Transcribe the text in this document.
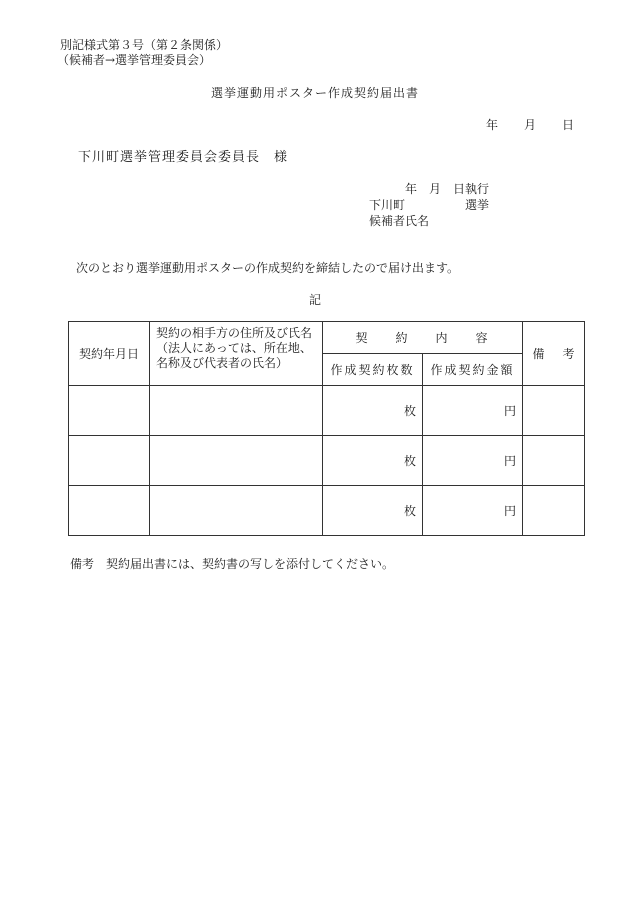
別記様式第３号（第２条関係）
（候補者→選挙管理委員会）
選挙運動用ポスター作成契約届出書
年 月 日
下川町選挙管理委員会委員長　様
年　月　日執行
下川町	選挙
候補者氏名
次のとおり選挙運動用ポスターの作成契約を締結したので届け出ます。
記
契約年月日	契約の相手方の住所及び氏名
（法人にあっては、所在地、
名称及び代表者の氏名）	契 約 内 容		備 考
		作成契約枚数	作成契約金額	
		枚	円	
		枚	円	
		枚	円	
備考　契約届出書には、契約書の写しを添付してください。
